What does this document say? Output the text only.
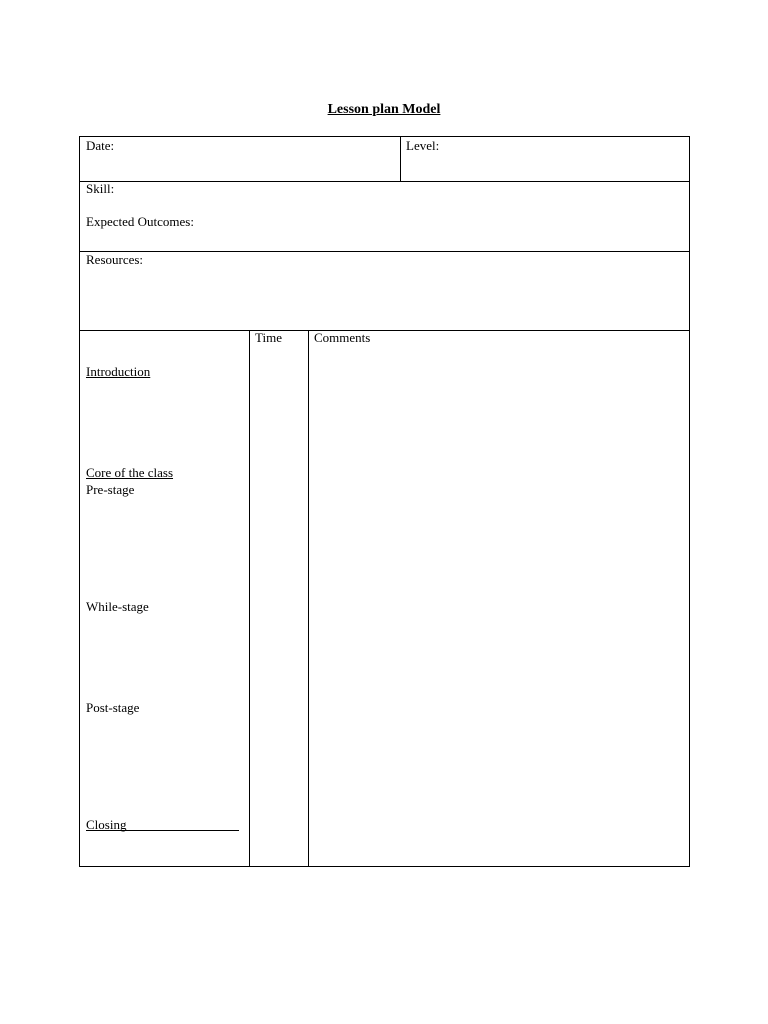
Lesson plan Model
Date:	Level:
Skill:
Expected Outcomes:
Resources:
Time Comments
Introduction
Core of the class
Pre-stage
While-stage
Post-stage
Closing
